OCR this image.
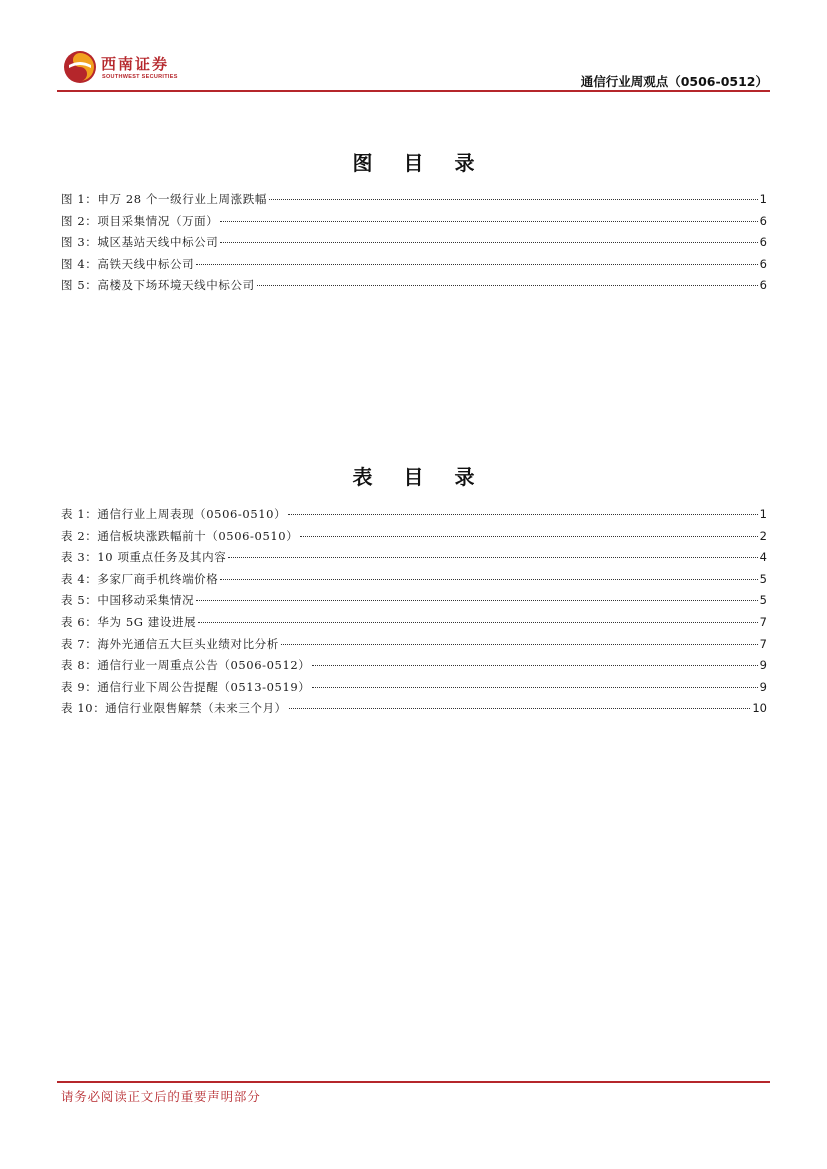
西南证券
SOUTHWEST SECURITIES	通信行业周观点（0506-0512）
图 目 录
图 1：申万 28 个一级行业上周涨跌幅	1
图 2：项目采集情况（万面）	6
图 3：城区基站天线中标公司	6
图 4：高铁天线中标公司	6
图 5：高楼及下场环境天线中标公司	6
表 目 录
表 1：通信行业上周表现（0506-0510）	1
表 2：通信板块涨跌幅前十（0506-0510）	2
表 3：10 项重点任务及其内容	4
表 4：多家厂商手机终端价格	5
表 5：中国移动采集情况	5
表 6：华为 5G 建设进展	7
表 7：海外光通信五大巨头业绩对比分析	7
表 8：通信行业一周重点公告（0506-0512）	9
表 9：通信行业下周公告提醒（0513-0519）	9
表 10：通信行业限售解禁（未来三个月）	10
请务必阅读正文后的重要声明部分
